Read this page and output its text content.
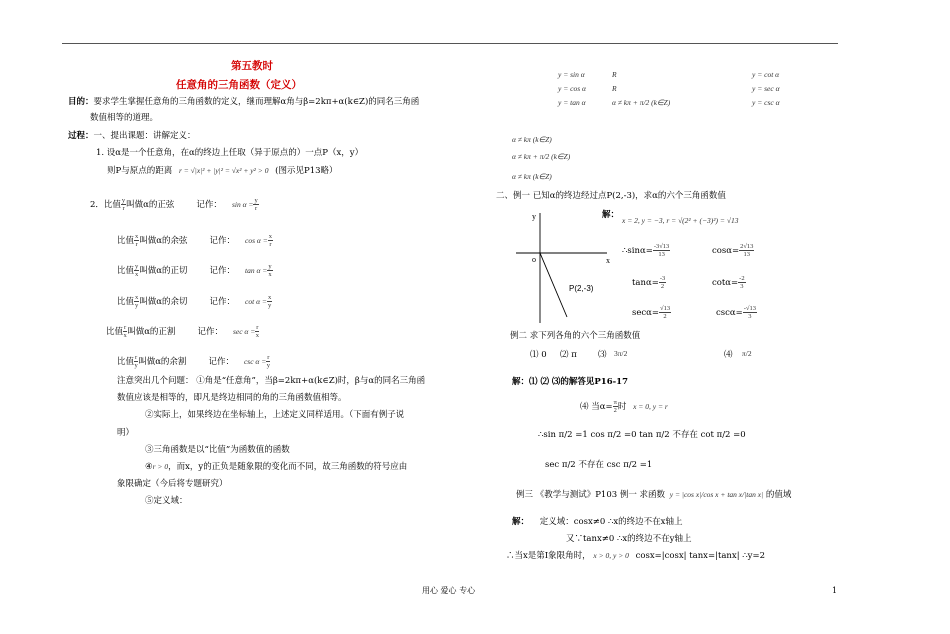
第五教时
任意角的三角函数（定义）
目的：要求学生掌握任意角的三角函数的定义，继而理解α角与β=2kπ+α(k∈Z)的同名三角函
数值相等的道理。
过程：一、提出课题：讲解定义：
1. 设α是一个任意角，在α的终边上任取（异于原点的）一点P（x，y）
则P与原点的距离 r = √|x|² + |y|² = √x² + y² > 0 (图示见P13略）
2．比值 $\frac{y}{r}$ 叫做α的正弦	记作： $\sin \alpha = \frac{y}{r}$
比值 $\frac{x}{r}$ 叫做α的余弦	记作： $\cos \alpha = \frac{x}{r}$
比值 $\frac{y}{x}$ 叫做α的正切	记作： $\tan \alpha = \frac{y}{x}$
比值 $\frac{x}{y}$ 叫做α的余切	记作： $\cot \alpha = \frac{x}{y}$
比值 $\frac{r}{x}$ 叫做α的正割	记作： $\sec \alpha = \frac{r}{x}$
比值 $\frac{r}{y}$ 叫做α的余割	记作： $\csc \alpha = \frac{r}{y}$
注意突出几个问题： ①角是“任意角”，当β=2kπ+α(k∈Z)时，β与α的同名三角函
数值应该是相等的，即凡是终边相同的角的三角函数值相等。
②实际上，如果终边在坐标轴上，上述定义同样适用。（下面有例子说
明）
③三角函数是以“比值”为函数值的函数
④r > 0，而x，y的正负是随象限的变化而不同，故三角函数的符号应由
象限确定（今后将专题研究）
⑤定义域：
y = sin α	R	y = cot α
y = cos α	R	y = sec α
y = tan α	α ≠ kπ + π/2 (k∈Z)	y = csc α
α ≠ kπ (k∈Z)
α ≠ kπ + π/2 (k∈Z)
α ≠ kπ (k∈Z)
二、例一 已知α的终边经过点P(2,-3)，求α的六个三角函数值
解：
x = 2, y = −3, r = √(2² + (−3)²) = √13
y
x
o
P(2,-3)
∴sinα= $\frac{-3√13}{13}$	$\cos\alpha= \frac{2√13}{13}$
$\tan\alpha= \frac{-3}{2}$	$\cot\alpha= \frac{-2}{3}$
$\sec\alpha= \frac{√13}{2}$	$\csc\alpha= \frac{-√13}{3}$
例二 求下列各角的六个三角函数值
⑴ 0 ⑵ π ⑶ 3π/2	⑷ π/2
解：⑴ ⑵ ⑶的解答见P16-17
⑷ 当$\alpha= \frac{\pi}{2}$ 时 x = 0, y = r
∴sin π/2 =1 cos π/2 =0 tan π/2 不存在 cot π/2 =0
sec π/2 不存在 csc π/2 =1
例三 《教学与测试》P103 例一 求函数 y = |cos x|/cos x + tan x/|tan x| 的值域
解： 定义域：cosx≠0 ∴x的终边不在x轴上
又∵tanx≠0 ∴x的终边不在y轴上
∴当x是第Ⅰ象限角时， x > 0, y > 0 cosx=|cosx| tanx=|tanx| ∴y=2
用心 爱心 专心	1
